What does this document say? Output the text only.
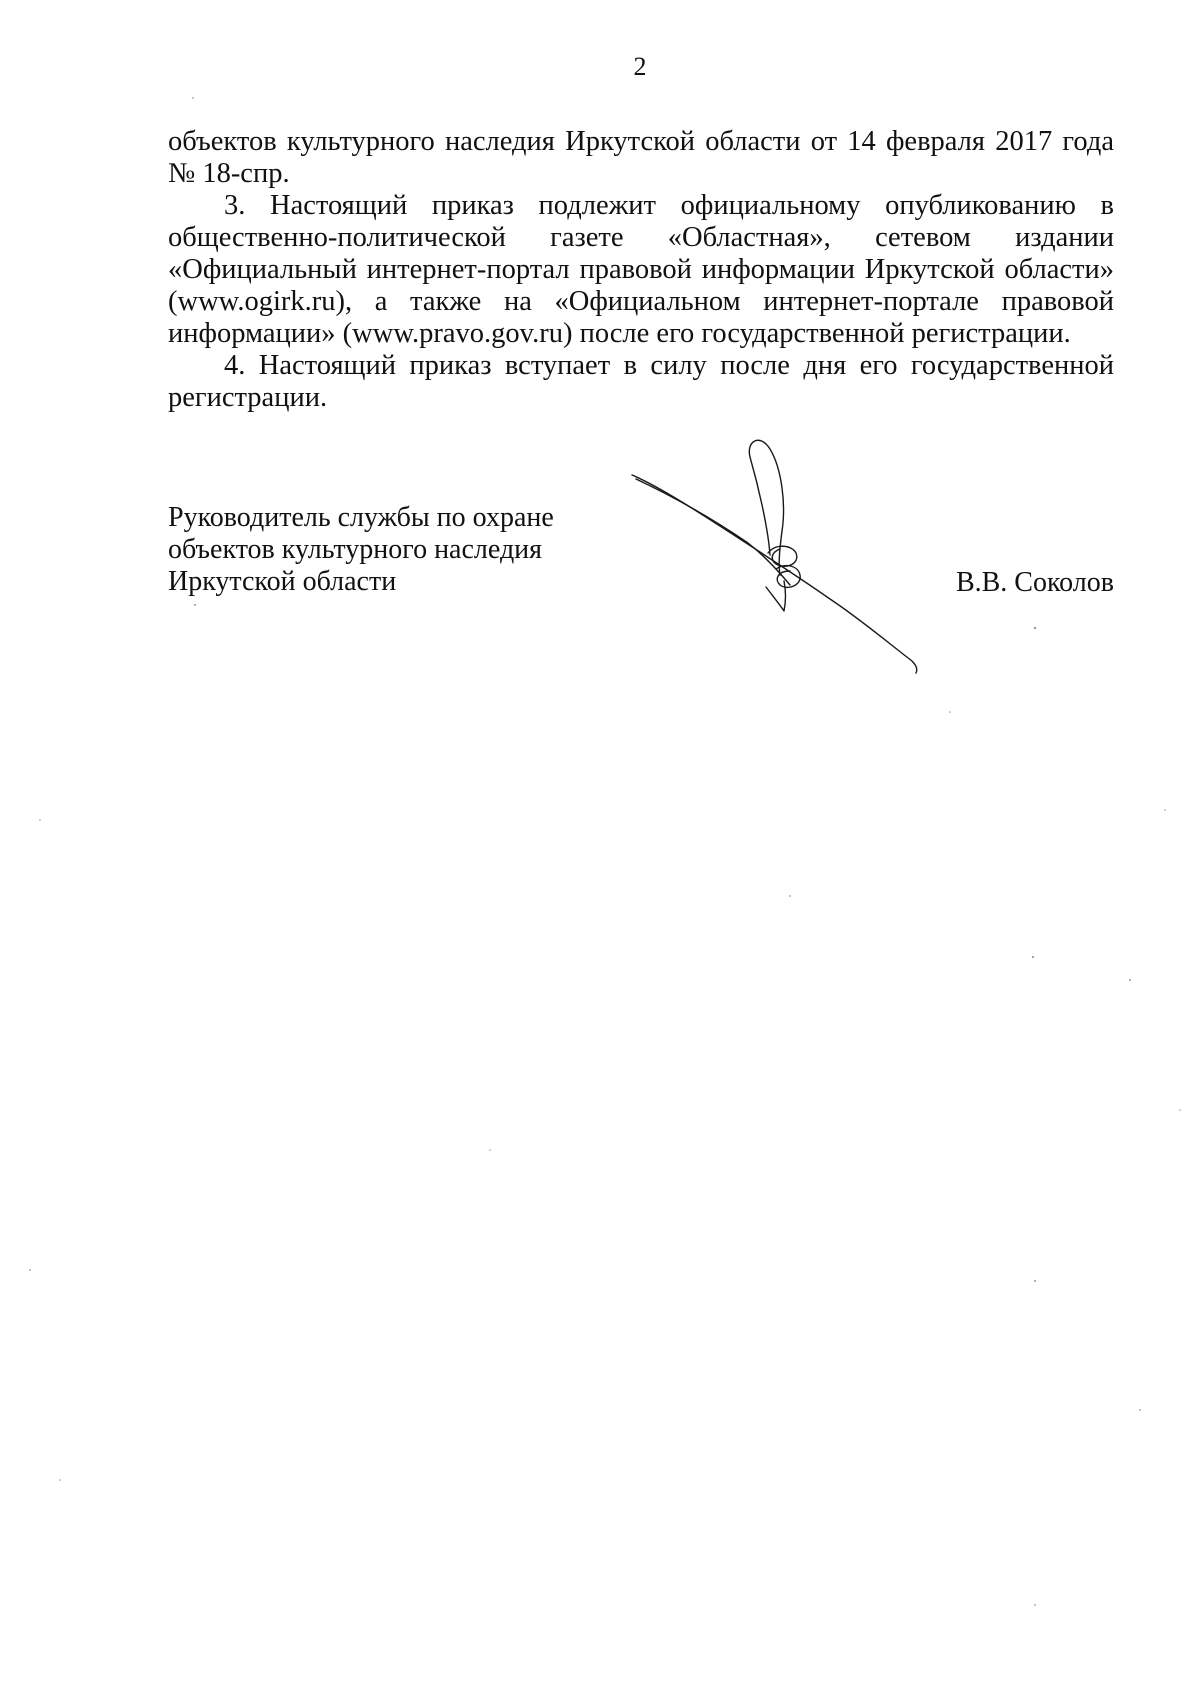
2

объектов культурного наследия Иркутской области от 14 февраля 2017 года № 18-спр.

3. Настоящий приказ подлежит официальному опубликованию в общественно-политической газете «Областная», сетевом издании «Официальный интернет-портал правовой информации Иркутской области» (www.ogirk.ru), а также на «Официальном интернет-портале правовой информации» (www.pravo.gov.ru) после его государственной регистрации.

4. Настоящий приказ вступает в силу после дня его государственной регистрации.

Руководитель службы по охране
объектов культурного наследия
Иркутской области	В.В. Соколов
